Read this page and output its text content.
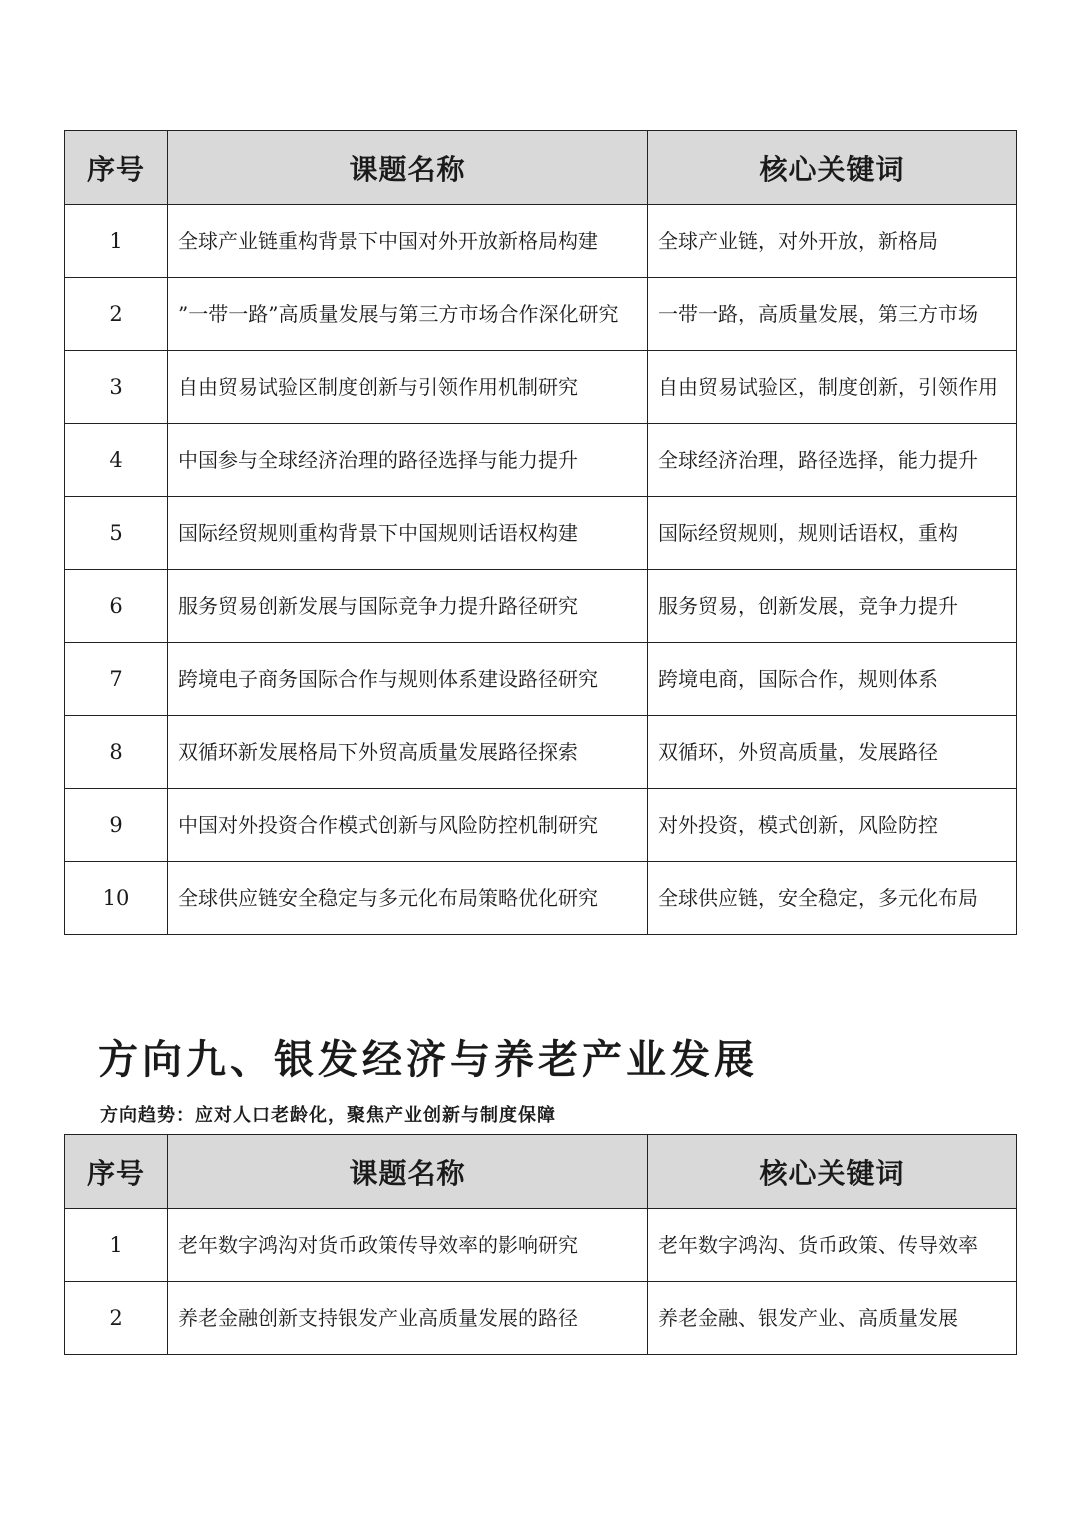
序号	课题名称	核心关键词
1	全球产业链重构背景下中国对外开放新格局构建	全球产业链，对外开放，新格局
2	”一带一路”高质量发展与第三方市场合作深化研究	一带一路，高质量发展，第三方市场
3	自由贸易试验区制度创新与引领作用机制研究	自由贸易试验区，制度创新，引领作用
4	中国参与全球经济治理的路径选择与能力提升	全球经济治理，路径选择，能力提升
5	国际经贸规则重构背景下中国规则话语权构建	国际经贸规则，规则话语权，重构
6	服务贸易创新发展与国际竞争力提升路径研究	服务贸易，创新发展，竞争力提升
7	跨境电子商务国际合作与规则体系建设路径研究	跨境电商，国际合作，规则体系
8	双循环新发展格局下外贸高质量发展路径探索	双循环，外贸高质量，发展路径
9	中国对外投资合作模式创新与风险防控机制研究	对外投资，模式创新，风险防控
10	全球供应链安全稳定与多元化布局策略优化研究	全球供应链，安全稳定，多元化布局
方向九、银发经济与养老产业发展

方向趋势：应对人口老龄化，聚焦产业创新与制度保障

序号	课题名称	核心关键词
1	老年数字鸿沟对货币政策传导效率的影响研究	老年数字鸿沟、货币政策、传导效率
2	养老金融创新支持银发产业高质量发展的路径	养老金融、银发产业、高质量发展
